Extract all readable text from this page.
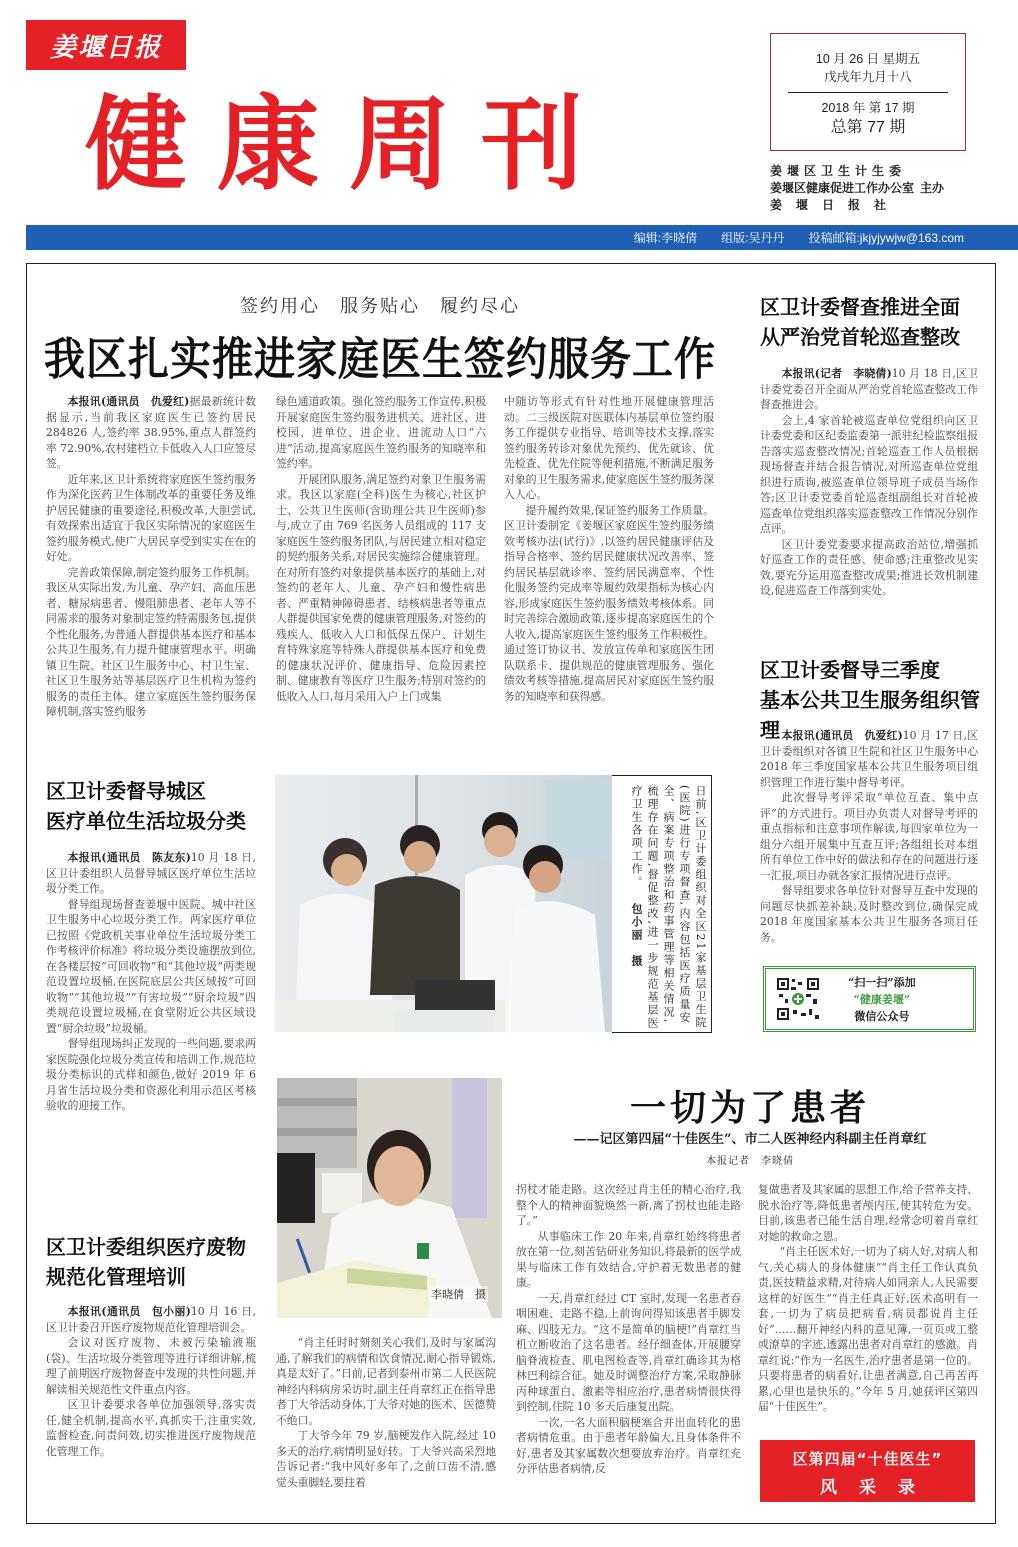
姜堰日报
健康周刊
10 月 26 日 星期五
戊戌年九月十八
2018 年 第 17 期
总第 77 期
姜堰区卫生计生委
姜堰区健康促进工作办公室
姜堰日报社
主办
编辑:李晓倩 组版:吴丹丹 投稿邮箱:jkjyjywjw@163.com
签约用心　服务贴心　履约尽心
我区扎实推进家庭医生签约服务工作

本报讯(通讯员　仇爱红)据最新统计数据显示,当前我区家庭医生已签约居民 284826 人,签约率 38.95%,重点人群签约率 72.90%,农村建档立卡低收入人口应签尽签。

近年来,区卫计系统将家庭医生签约服务作为深化医药卫生体制改革的重要任务及维护居民健康的重要途径,积极改革,大胆尝试,有效探索出适宜于我区实际情况的家庭医生签约服务模式,使广大居民享受到实实在在的好处。

完善政策保障,制定签约服务工作机制。我区从实际出发,为儿童、孕产妇、高血压患者、糖尿病患者、慢阻肺患者、老年人等不同需求的服务对象制定签约特需服务包,提供个性化服务,为普通人群提供基本医疗和基本公共卫生服务,有力提升健康管理水平。明确镇卫生院、社区卫生服务中心、村卫生室、社区卫生服务站等基层医疗卫生机构为签约服务的责任主体。建立家庭医生签约服务保障机制,落实签约服务

绿色通道政策。强化签约服务工作宣传,积极开展家庭医生签约服务进机关、进社区、进校园、进单位、进企业、进流动人口“六进”活动,提高家庭医生签约服务的知晓率和签约率。

开展团队服务,满足签约对象卫生服务需求。我区以家庭(全科)医生为核心,社区护士、公共卫生医师(含助理公共卫生医师)参与,成立了由 769 名医务人员组成的 117 支家庭医生签约服务团队,与居民建立相对稳定的契约服务关系,对居民实施综合健康管理。在对所有签约对象提供基本医疗的基础上,对签约的老年人、儿童、孕产妇和慢性病患者、严重精神障碍患者、结核病患者等重点人群提供国家免费的健康管理服务,对签约的残疾人、低收入人口和低保五保户、计划生育特殊家庭等特殊人群提供基本医疗和免费的健康状况评价、健康指导、危险因素控制、健康教育等医疗卫生服务;特别对签约的低收入人口,每月采用入户上门或集

中随访等形式有针对性地开展健康管理活动。二三级医院对医联体内基层单位签约服务工作提供专业指导、培训等技术支撑,落实签约服务转诊对象优先预约、优先就诊、优先检查、优先住院等便利措施,不断满足服务对象的卫生服务需求,使家庭医生签约服务深入人心。

提升履约效果,保证签约服务工作质量。区卫计委制定《姜堰区家庭医生签约服务绩效考核办法(试行)》,以签约居民健康评估及指导合格率、签约居民健康状况改善率、签约居民基层就诊率、签约居民满意率、个性化服务签约完成率等履约效果指标为核心内容,形成家庭医生签约服务绩效考核体系。同时完善综合激励政策,逐步提高家庭医生的个人收入,提高家庭医生签约服务工作积极性。通过签订协议书、发放宣传单和家庭医生团队联系卡、提供规范的健康管理服务、强化绩效考核等措施,提高居民对家庭医生签约服务的知晓率和获得感。

区卫计委督查推进全面
从严治党首轮巡查整改

本报讯(记者　李晓倩)10 月 18 日,区卫计委党委召开全面从严治党首轮巡查整改工作督查推进会。

会上,4 家首轮被巡查单位党组织向区卫计委党委和区纪委监委第一派驻纪检监察组报告落实巡查整改情况;首轮巡查工作人员根据现场督查并结合报告情况,对所巡查单位党组织进行质询,被巡查单位领导班子成员当场作答;区卫计委党委首轮巡查组副组长对首轮被巡查单位党组织落实巡查整改工作情况分别作点评。

区卫计委党委要求提高政治站位,增强抓好巡查工作的责任感、使命感;注重整改见实效,要充分运用巡查整改成果;推进长效机制建设,促进巡查工作落到实处。

区卫计委督导三季度
基本公共卫生服务组织管理 本报讯(通讯员　仇爱红)10 月 17 日,区卫计委组织对各镇卫生院和社区卫生服务中心 2018 年三季度国家基本公共卫生服务项目组织管理工作进行集中督导考评。

此次督导考评采取“单位互查、集中点评”的方式进行。项目办负责人对督导考评的重点指标和注意事项作解读,每四家单位为一组分六组开展集中互查互评;各组组长对本组所有单位工作中好的做法和存在的问题进行逐一汇报,项目办就各家汇报情况进行点评。

督导组要求各单位针对督导互查中发现的问题尽快抓差补缺,及时整改到位,确保完成 2018 年度国家基本公共卫生服务各项目任务。

“扫一扫”添加
“健康姜堰”
微信公众号
区卫计委督导城区
医疗单位生活垃圾分类

本报讯(通讯员　陈友东)10 月 18 日,区卫计委组织人员督导城区医疗单位生活垃圾分类工作。

督导组现场督查姜堰中医院、城中社区卫生服务中心垃圾分类工作。两家医疗单位已按照《党政机关事业单位生活垃圾分类工作考核评价标准》将垃圾分类设施摆放到位,在各楼层按“可回收物”和“其他垃圾”两类规范设置垃圾桶,在医院底层公共区域按“可回收物”“其他垃圾”“有害垃圾”“厨余垃圾”四类规范设置垃圾桶,在食堂附近公共区域设置“厨余垃圾”垃圾桶。

督导组现场纠正发现的一些问题,要求两家医院强化垃圾分类宣传和培训工作,规范垃圾分类标识的式样和颜色,做好 2019 年 6 月省生活垃圾分类和资源化利用示范区考核验收的迎接工作。

区卫计委组织医疗废物
规范化管理培训

本报讯(通讯员　包小丽)10 月 16 日,区卫计委召开医疗废物规范化管理培训会。

会议对医疗废物、未被污染输液瓶(袋)、生活垃圾分类管理等进行详细讲解,梳理了前期医疗废物督查中发现的共性问题,并解读相关规范性文件重点内容。

区卫计委要求各单位加强领导,落实责任,健全机制,提高水平,真抓实干,注重实效,监督检查,问责问效,切实推进医疗废物规范化管理工作。

日前,区卫计委组织对全区21家基层卫生院(医院)进行专项督查,内容包括医疗质量安全、病案专项整治和药事管理等相关情况,梳理存在问题,督促整改,进一步规范基层医疗卫生各项工作。 包小丽　摄
李晓倩　摄
一切为了患者
——记区第四届“十佳医生”、市二人医神经内科副主任肖章红
本报记者　李晓倩

“肖主任时时刻刻关心我们,及时与家属沟通,了解我们的病情和饮食情况,耐心指导锻炼,真是太好了。”日前,记者到泰州市第二人民医院神经内科病房采访时,副主任肖章红正在指导患者丁大爷活动身体,丁大爷对她的医术、医德赞不绝口。

丁大爷今年 79 岁,脑梗发作入院,经过 10 多天的治疗,病情明显好转。丁大爷兴高采烈地告诉记者:“我中风好多年了,之前口齿不清,感觉头重脚轻,要拄着

拐杖才能走路。这次经过肖主任的精心治疗,我整个人的精神面貌焕然一新,离了拐杖也能走路了。”

从事临床工作 20 年来,肖章红始终将患者放在第一位,刻苦钻研业务知识,将最新的医学成果与临床工作有效结合,守护着无数患者的健康。

一天,肖章红经过 CT 室时,发现一名患者吞咽困难、走路不稳,上前询问得知该患者手脚发麻、四肢无力。“这不是简单的脑梗!”肖章红当机立断收治了这名患者。经仔细查体,开展腰穿脑脊液检查、肌电图检查等,肖章红确诊其为格林巴利综合征。她及时调整治疗方案,采取静脉丙种球蛋白、激素等相应治疗,患者病情很快得到控制,住院 10 多天后康复出院。

一次,一名大面积脑梗塞合并出血转化的患者病情危重。由于患者年龄偏大,且身体条件不好,患者及其家属数次想要放弃治疗。肖章红充分评估患者病情,反

复做患者及其家属的思想工作,给予营养支持、脱水治疗等,降低患者颅内压,使其转危为安。目前,该患者已能生活自理,经常念叨着肖章红对她的救命之恩。

“肖主任医术好,一切为了病人好,对病人和气,关心病人的身体健康”“肖主任工作认真负责,医技精益求精,对待病人如同亲人,人民需要这样的好医生”“肖主任真正好,医术高明有一套,一切为了病员把病看,病员都说肖主任好”……翻开神经内科的意见簿,一页页或工整或潦草的字迹,透露出患者对肖章红的感激。肖章红说:“作为一名医生,治疗患者是第一位的。只要将患者的病看好,让患者满意,自己再苦再累,心里也是快乐的。”今年 5 月,她获评区第四届“十佳医生”。

区第四届“十佳医生”
风采录
